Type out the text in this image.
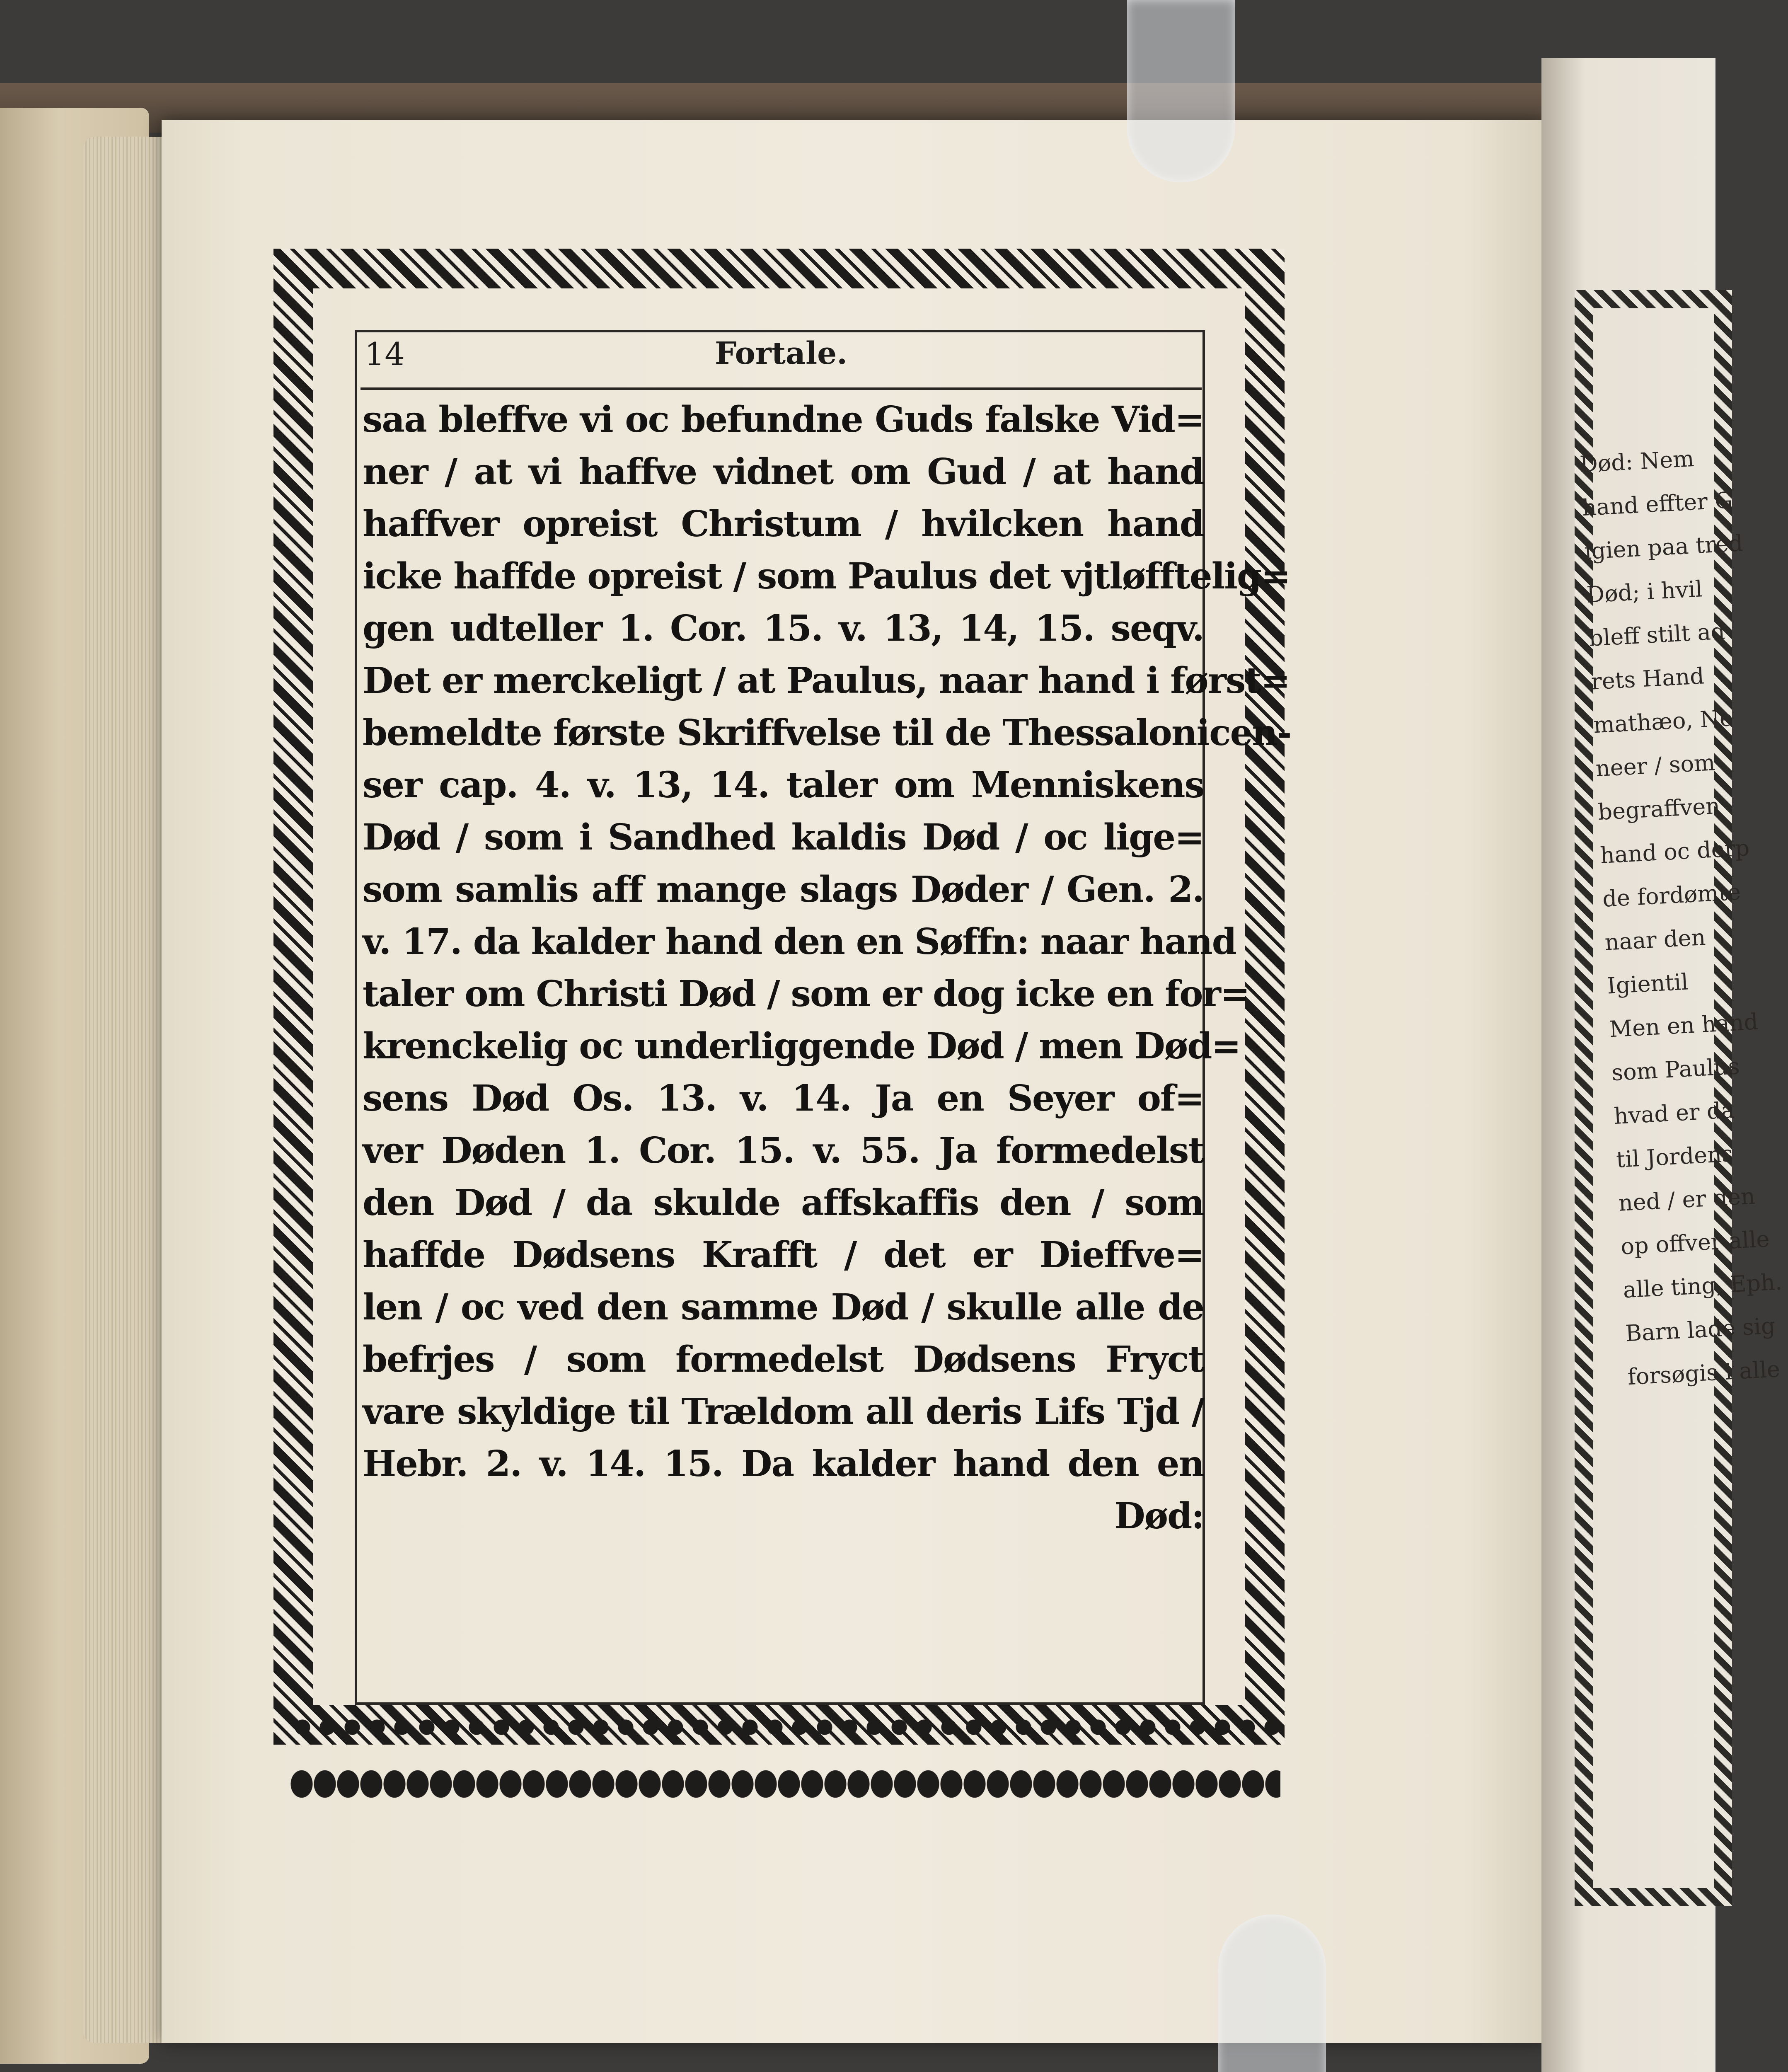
Død: Nem
hand effter G
igien paa tred
Død; i hvil
bleff stilt ad
rets Hand
mathæo, Ne
neer / som
begraffven
hand oc derp
de fordømte
naar den
Igientil
Men en hand
som Paulus
hvad er da
til Jordens
ned / er den
op offver alle
alle ting, Eph.
Barn lade sig
forsøgis i alle
14	Fortale.
saa bleffve vi oc befundne Guds falske Vid=
ner / at vi haffve vidnet om Gud / at hand
haffver opreist Christum / hvilcken hand
icke haffde opreist / som Paulus det vjtløfftelig=
gen udteller 1. Cor. 15. v. 13, 14, 15. seqv.
Det er merckeligt / at Paulus, naar hand i først=
bemeldte første Skriffvelse til de Thessalonicen-
ser cap. 4. v. 13, 14. taler om Menniskens
Død / som i Sandhed kaldis Død / oc lige=
som samlis aff mange slags Døder / Gen. 2.
v. 17. da kalder hand den en Søffn: naar hand
taler om Christi Død / som er dog icke en for=
krenckelig oc underliggende Død / men Død=
sens Død Os. 13. v. 14. Ja en Seyer of=
ver Døden 1. Cor. 15. v. 55. Ja formedelst
den Død / da skulde affskaffis den / som
haffde Dødsens Krafft / det er Dieffve=
len / oc ved den samme Død / skulle alle de
befrjes / som formedelst Dødsens Fryct
vare skyldige til Trældom all deris Lifs Tjd /
Hebr. 2. v. 14. 15. Da kalder hand den en
Død:
